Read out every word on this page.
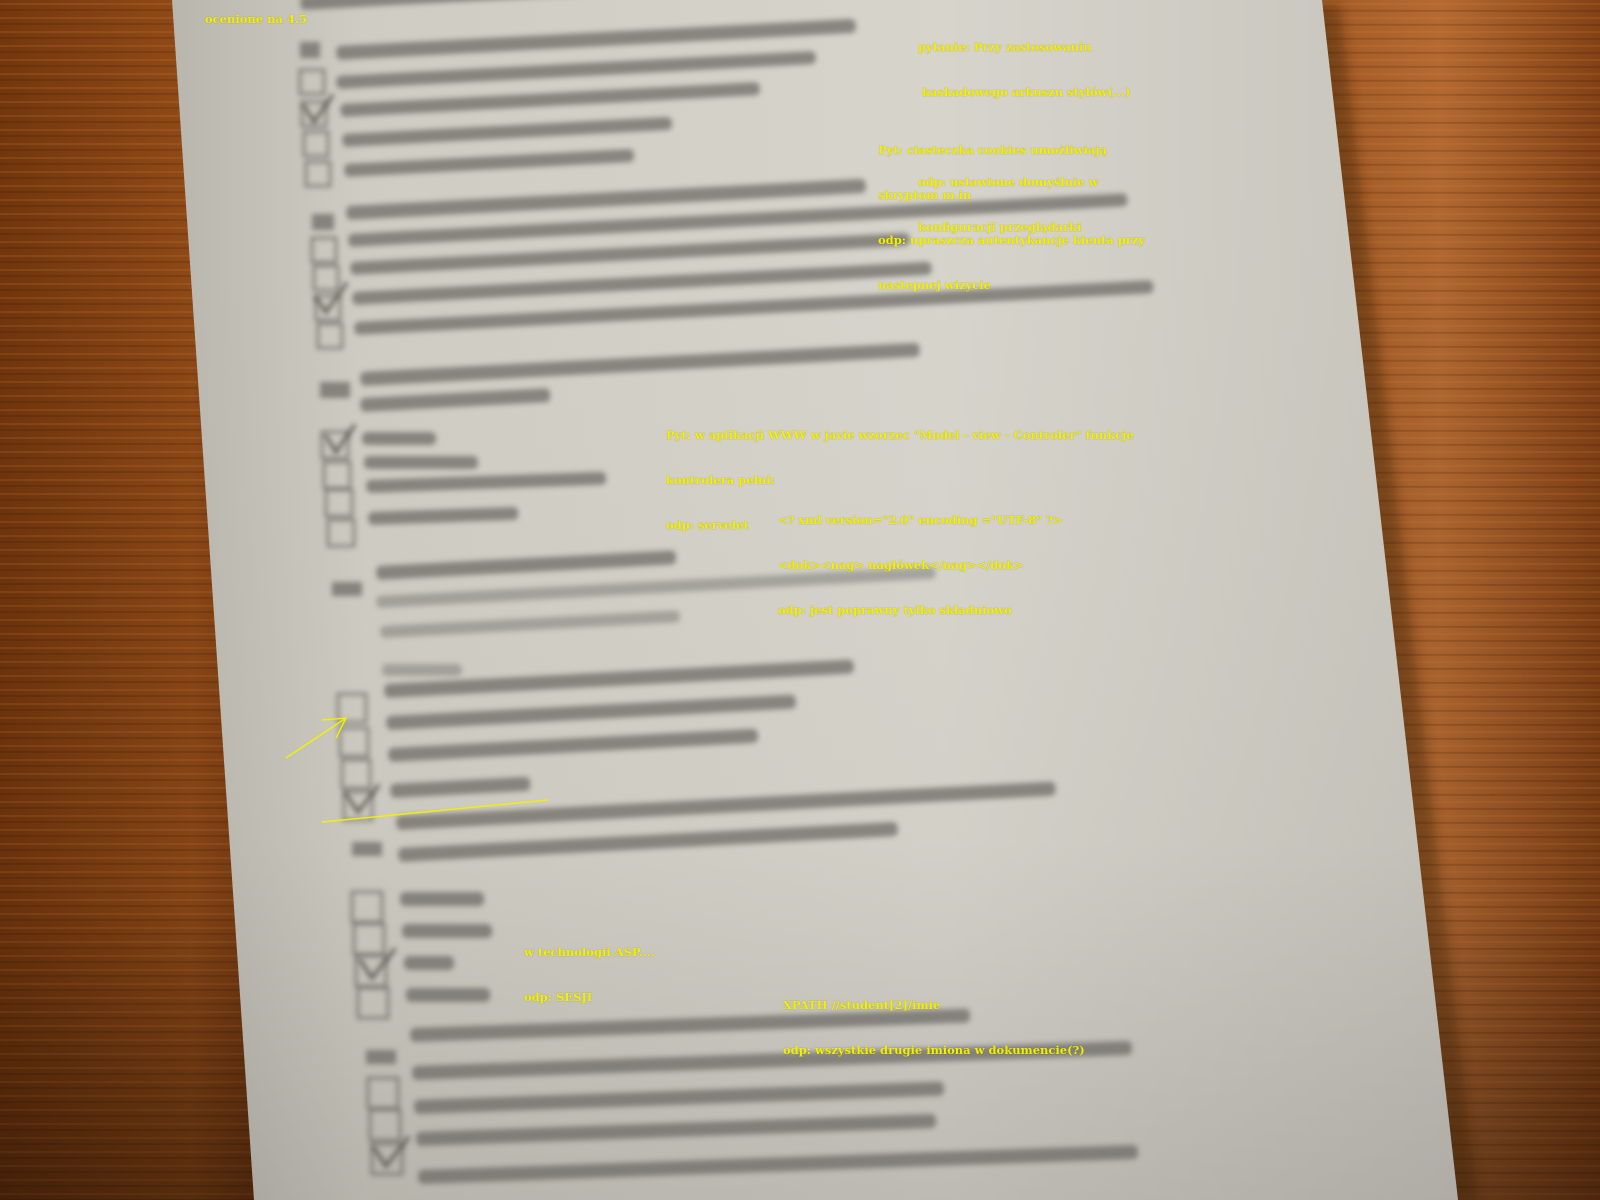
ocenione na 4.5

pytanie: Przy zastosowaniu

kaskadowego arkuszu stylów(...)

odp: ustawione domyślnie w

konfiguracji przeglądarki

Pyt: ciasteczka cookies umożliwiają

skryptom m.in

odp: upraszcza autentykancje kienta przy

nastepnej wizycie

Pyt: w aplikacji WWW w javie wzorzec "Model - view - Controler" funkcje

kontrolera pełni:

odp: servelet

	<? xml version="2.0" encoding ="UTF-8" ?>

<dok><nag> nagłówek</nag></dok>

odp: jest poprawny tylko składniowo

w technologii ASP....

odp: SESJI

XPATH //student[2]/imie

odp: wszystkie drugie imiona w dokumencie(?)
